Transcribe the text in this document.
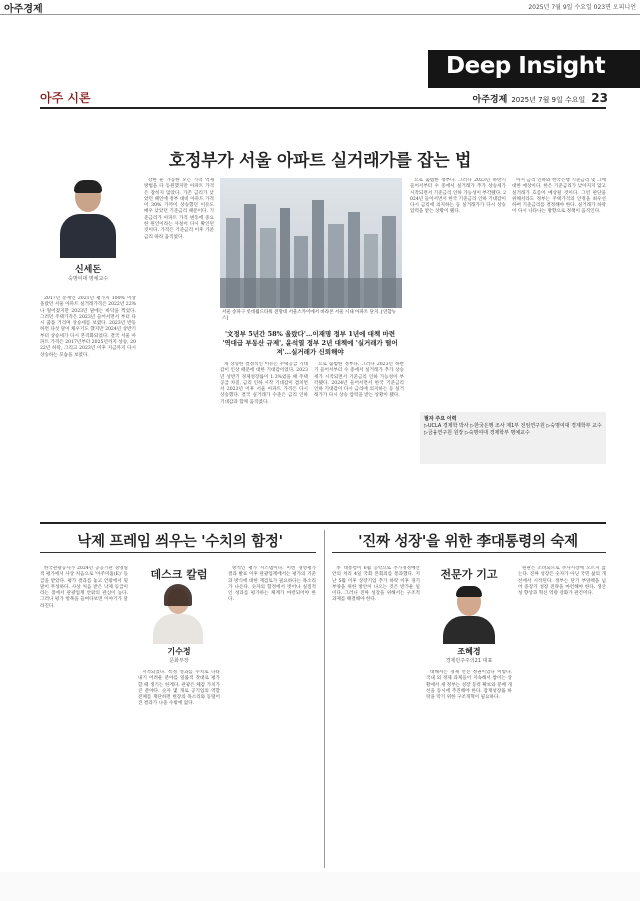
아주경제	2025년 7월 9일 수요일 023면 오피니언
Deep Insight
아주 시론	아주경제 2025년 7월 9일 수요일 23
호정부가 서울 아파트 실거래가를 잡는 법
신세돈
숙명여대 명예교수

2017년 문재인 2021년 평가지 100% 이상 올랐던 서울 아파트 실거래가격은 2022년 22%나 떨어졌지만 2023년 말에는 바닥을 찍었다. 그러던 주택가격은 2023년 들어서면서 부터 다시 꿈틀 거리며 상승세를 보였다. 2023년 반등하면 다섯 달이 채우기도 했지만 2024년 상반기부터 상승세가 다시 본격화되었다. 결국 서울 아파트 가격은 2017년부터 2025년까지 상승, 2022년 하락, 그리고 2023년 이후 지금까지 다시 상승하는 모습을 보였다.

강한 둔 가능한 모든 가격 억제 방법을 다 동원했지만 아파트 가격은 잡히지 않았다. 가존 금리가 낮았던 때인에 정부 대비 아파트 가격이 30% 가까이 상승했던 이유도 매우 낮았던 기준금리 때문이다. 기준금리가 아파트 가격 변동에 중요한 원인이라는 사실이 다시 확인된 것이다. 가격은 기준금리 이후 가준금리 따라 움직였다.

서울 송파구 롯데월드타워 전망대 서울스카이에서 바라본 서울 시내 아파트 단지. [연합뉴스]
'文정부 5년간 58% 올랐다'…이재명 정부 1년에 대책 마련 '역대급 부동산 규제', 윤석열 정부 2년 대책에 '실거래가 떨어져'…실거래가 신뢰해야

개 상승한 결정적인 이유는 주택공급 기대감이 인상 때문에 대한 기대감이었다. 2023년 상반기 경제성장률이 1.3%였을 때 주택 공급 차질, 금리 인하 시작 기대감이 겹치면서 2023년 이후 서울 아파트 가격은 다시 상승했다. 결국 실거래가 수준은 금리 인하 기대감과 함께 움직였다.

으로 출범한 정부다. 그러나 2023년 하반기 들어서부터 수 중에서 실거래가 추가 상승세가 시작되면서 기준금리 인하 가능성이 부각됐다. 2024년 들어서면서 한국 기준금리 인하 기대감이 다시 금리에 의지하는 등 실거래가가 다시 상승 압력을 받는 상황이 됐다.

으로 출범한 정부다. 그러나 2023년 하반기 들어서부터 수 중에서 실거래가 추가 상승세가 시작되면서 기준금리 인하 가능성이 부각됐다. 2024년 들어서면서 한국 기준금리 인하 기대감이 다시 금리에 의지하는 등 실거래가가 다시 상승 압력을 받는 상황이 됐다.

아시 금리 인하와 한국은행 기준금리 및 그에 대한 예상이다. 한은 기준금리가 낮아지지 않고 실거래가 흐름이 예상될 것이다. 그런 판단을 위해서라도 정부는 주택가격의 안정을 최우선하여 기준금리를 결정해야 한다. 실거래가 하락이 다시 나타나는 방향으로 정책이 움직인다.

필자 주요 이력
▷UCLA 경제학 박사 ▷한국은행 조사 제1부 전임연구원 ▷숙명여대 경제학부 교수 ▷금융연구원 원장 ▷숙명여대 경제학부 명예교수
낙제 프레임 씌우는 '수치의 함정'

한국관광공사가 2024년 공공기관 경영실적 평가에서 사상 처음으로 '아주미흡(E)' 등급을 받았다. 평가 결과를 놓고 안팎에서 뒷말이 무성하다. 사상 처음 받은 낙제 등급이라는 점에서 관광업계 안팎의 관심이 높다. 그러나 평가 항목을 들여다보면 이야기가 달라진다.

데스크 칼럼
기수정
문화부장

지적되었다. 특정 성과를 수치로 나타내기 어려운 분야를 일률적 잣대로 평가할 때 생기는 한계다. 관광은 체감 가치가 큰 분야다. 숫자 몇 개로 공기업의 역할 전체를 재단하면 현장의 목소리와 동떨어진 결과가 나올 수밖에 없다.

방적인 평가 시스템이다. 이번 경영평가 결과 발표 이후 관광업계에서는 평가의 기준과 방식에 대한 재검토가 필요하다는 목소리가 나온다. 숫자의 함정에서 벗어나 실질적인 성과를 평가하는 체계가 마련되어야 한다.

'진짜 성장'을 위한 李대통령의 숙제

李 대통령이 6월 공약으로 추가경정예산안의 처리 4일 국회 본회의를 통과했다. 지난 5월 이후 상장기업 추가 하락 이후 경기 부양을 위한 방안이 나오는 것은 반가운 일이다. 그러나 진짜 성장을 위해서는 구조적 과제를 해결해야 한다.

전문가 기고
조혜경
경제민주주의21 대표

대해서는 경제 선진 정권이었다 이렇다. 국내 외 경제 과제들이 지속해서 쌓이는 상황에서 새 정부는 성장 동력 확보와 분배 개선을 동시에 추진해야 한다. 잠재성장률 하락을 막기 위한 구조개혁이 필요하다.

원판은 소비되므로 추사시장에 오르지 않는다. 진짜 성장은 숫자가 아닌 국민 삶의 개선에서 시작된다. 정부는 단기 부양책을 넘어 중장기 성장 전략을 마련해야 한다. 생산성 향상과 혁신 역량 강화가 관건이다.
